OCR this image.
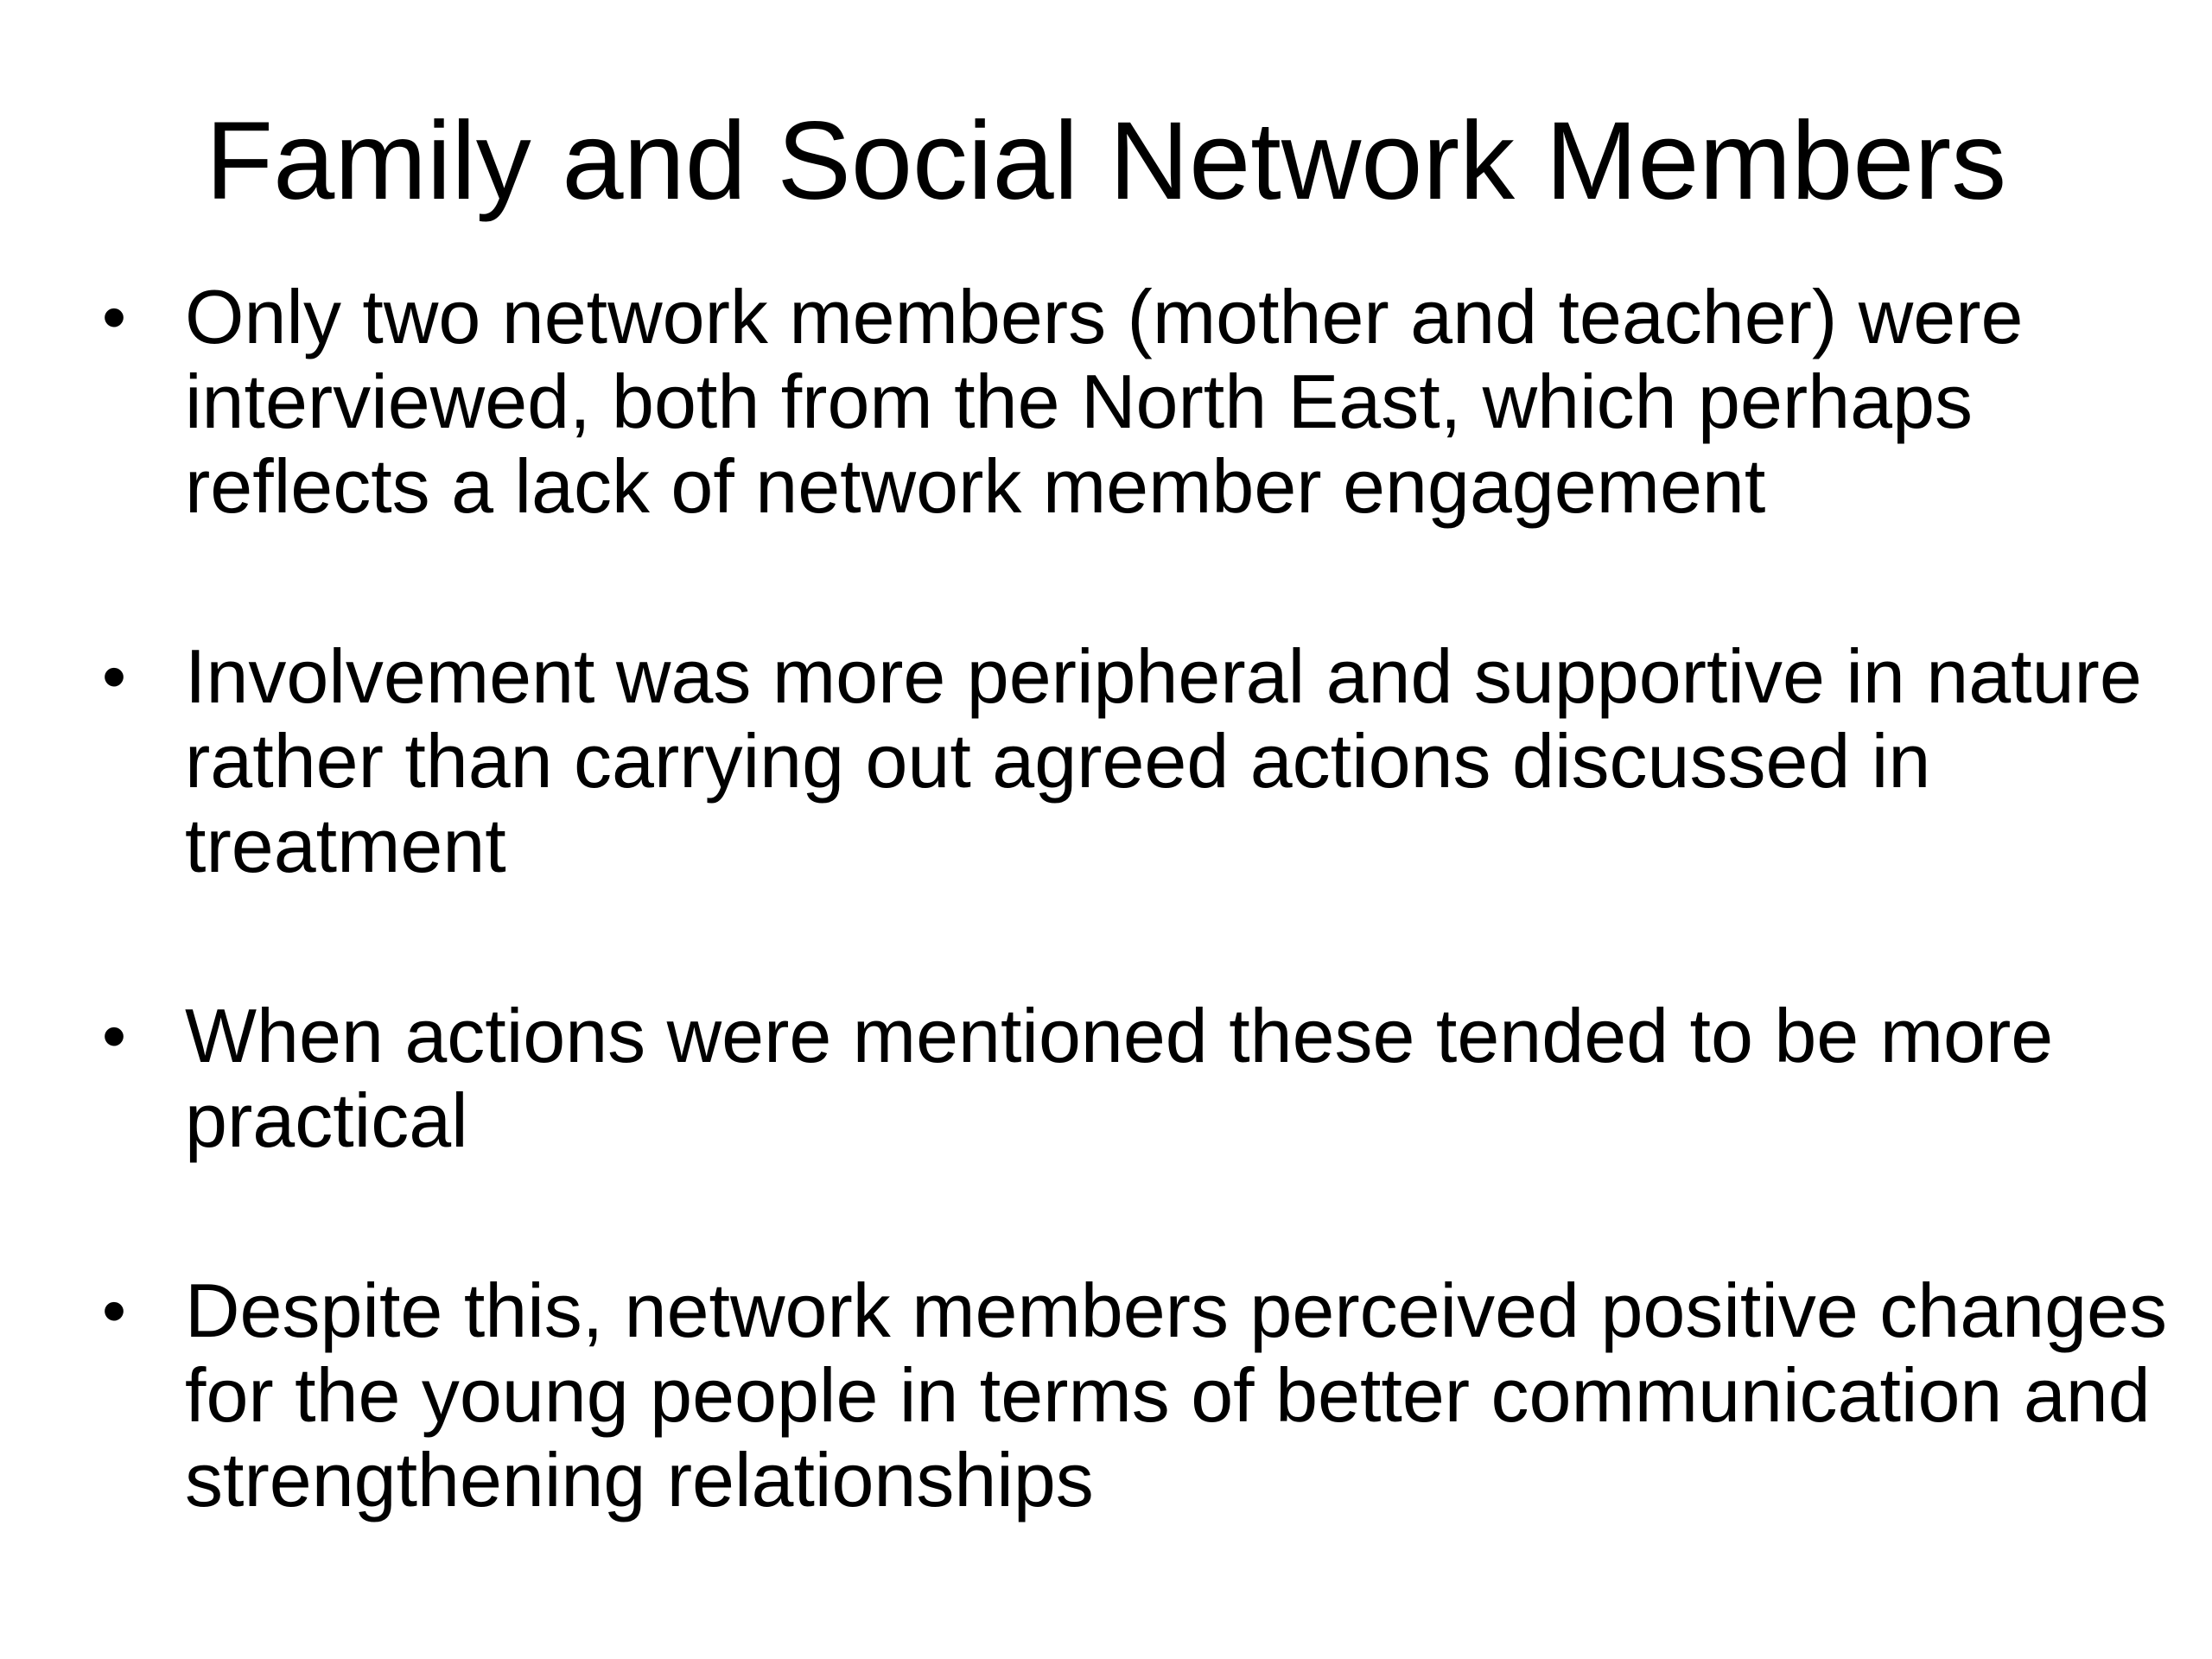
Family and Social Network Members
• Only two network members (mother and teacher) were interviewed, both from the North East, which perhaps reflects a lack of network member engagement
• Involvement was more peripheral and supportive in nature rather than carrying out agreed actions discussed in treatment
• When actions were mentioned these tended to be more practical
• Despite this, network members perceived positive changes for the young people in terms of better communication and strengthening relationships
